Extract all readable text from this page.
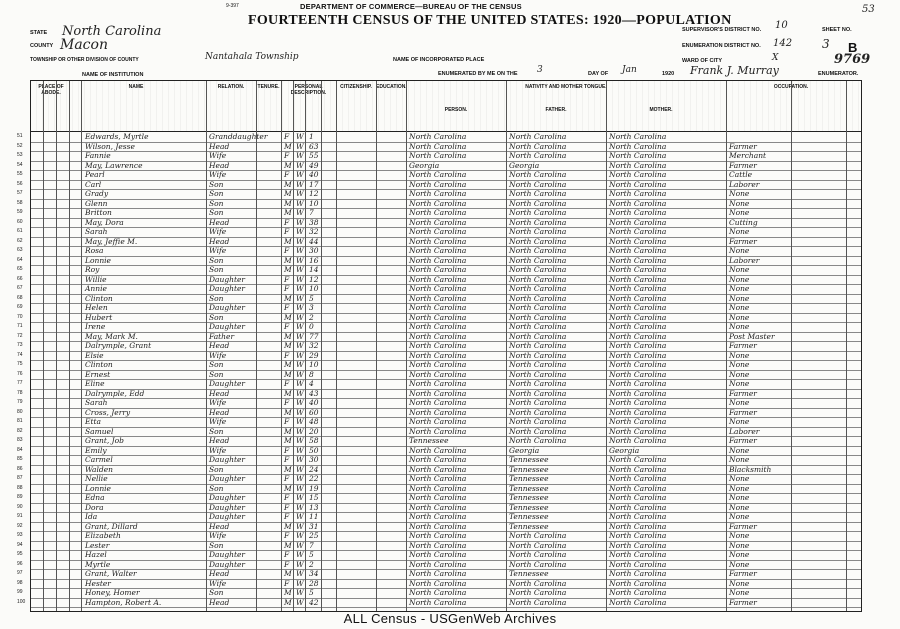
9-397	DEPARTMENT OF COMMERCE—BUREAU OF THE CENSUS
FOURTEENTH CENSUS OF THE UNITED STATES: 1920—POPULATION
53
STATE North Carolina
COUNTY Macon
TOWNSHIP OR OTHER DIVISION OF COUNTY	Nantahala Township
NAME OF INSTITUTION
NAME OF INCORPORATED PLACE
ENUMERATED BY ME ON THE 3	DAY OF Jan	1920 Frank J. Murray	ENUMERATOR.
SUPERVISOR'S DISTRICT NO. 10
ENUMERATION DISTRICT NO. 142
WARD OF CITY	X
SHEET NO.
3 B
9769
PLACE OF ABODE.
NAME	RELATION.	TENURE.	PERSONAL DESCRIPTION.
CITIZENSHIP. EDUCATION.	NATIVITY AND MOTHER TONGUE.
PERSON.	FATHER.	MOTHER.
OCCUPATION.
51	Edwards, Myrtle	Granddaughter F W 1	North Carolina	North Carolina	North Carolina
52	Wilson, Jesse	Head	M W 63	North Carolina	North Carolina	North Carolina	Farmer
53	Fannie	Wife	F W 55	North Carolina	North Carolina	North Carolina	Merchant
54	May, Lawrence	Head	M W 49	Georgia	Georgia	North Carolina	Farmer
55	Pearl	Wife	F W 40	North Carolina	North Carolina	North Carolina	Cattle
56	Carl	Son	M W 17	North Carolina	North Carolina	North Carolina	Laborer
57	Grady	Son	M W 12	North Carolina	North Carolina	North Carolina	None
58	Glenn	Son	M W 10	North Carolina	North Carolina	North Carolina	None
59	Britton	Son	M W 7	North Carolina	North Carolina	North Carolina	None
60	May, Dora	Head	F W 38	North Carolina	North Carolina	North Carolina	Cutting
61	Sarah	Wife	F W 32	North Carolina	North Carolina	North Carolina	None
62	May, Jeffie M.	Head	M W 44	North Carolina	North Carolina	North Carolina	Farmer
63	Rosa	Wife	F W 30	North Carolina	North Carolina	North Carolina	None
64	Lonnie	Son	M W 16	North Carolina	North Carolina	North Carolina	Laborer
65	Roy	Son	M W 14	North Carolina	North Carolina	North Carolina	None
66	Willie	Daughter	F W 12	North Carolina	North Carolina	North Carolina	None
67	Annie	Daughter	F W 10	North Carolina	North Carolina	North Carolina	None
68	Clinton	Son	M W 5	North Carolina	North Carolina	North Carolina	None
69	Helen	Daughter	F W 3	North Carolina	North Carolina	North Carolina	None
70	Hubert	Son	M W 2	North Carolina	North Carolina	North Carolina	None
71	Irene	Daughter	F W 0	North Carolina	North Carolina	North Carolina	None
72	May, Mark M.	Father	M W 77	North Carolina	North Carolina	North Carolina	Post Master
73	Dalrymple, Grant	Head	M W 32	North Carolina	North Carolina	North Carolina	Farmer
74	Elsie	Wife	F W 29	North Carolina	North Carolina	North Carolina	None
75	Clinton	Son	M W 10	North Carolina	North Carolina	North Carolina	None
76	Ernest	Son	M W 8	North Carolina	North Carolina	North Carolina	None
77	Eline	Daughter	F W 4	North Carolina	North Carolina	North Carolina	None
78	Dalrymple, Edd	Head	M W 43	North Carolina	North Carolina	North Carolina	Farmer
79	Sarah	Wife	F W 40	North Carolina	North Carolina	North Carolina	None
80	Cross, Jerry	Head	M W 60	North Carolina	North Carolina	North Carolina	Farmer
81	Etta	Wife	F W 48	North Carolina	North Carolina	North Carolina	None
82	Samuel	Son	M W 20	North Carolina	North Carolina	North Carolina	Laborer
83	Grant, Job	Head	M W 58	Tennessee	North Carolina	North Carolina	Farmer
84	Emily	Wife	F W 50	North Carolina	Georgia	Georgia	None
85	Carmel	Daughter	F W 30	North Carolina	Tennessee	North Carolina	None
86	Walden	Son	M W 24	North Carolina	Tennessee	North Carolina	Blacksmith
87	Nellie	Daughter	F W 22	North Carolina	Tennessee	North Carolina	None
88	Lonnie	Son	M W 19	North Carolina	Tennessee	North Carolina	None
89	Edna	Daughter	F W 15	North Carolina	Tennessee	North Carolina	None
90	Dora	Daughter	F W 13	North Carolina	Tennessee	North Carolina	None
91	Ida	Daughter	F W 11	North Carolina	Tennessee	North Carolina	None
92	Grant, Dillard	Head	M W 31	North Carolina	Tennessee	North Carolina	Farmer
93	Elizabeth	Wife	F W 25	North Carolina	North Carolina	North Carolina	None
94	Lester	Son	M W 7	North Carolina	North Carolina	North Carolina	None
95	Hazel	Daughter	F W 5	North Carolina	North Carolina	North Carolina	None
96	Myrtle	Daughter	F W 2	North Carolina	North Carolina	North Carolina	None
97	Grant, Walter	Head	M W 34	North Carolina	Tennessee	North Carolina	Farmer
98	Hester	Wife	F W 28	North Carolina	North Carolina	North Carolina	None
99	Honey, Homer	Son	M W 5	North Carolina	North Carolina	North Carolina	None
100	Hampton, Robert A.	Head	M W 42	North Carolina	North Carolina	North Carolina	Farmer
ALL Census - USGenWeb Archives
